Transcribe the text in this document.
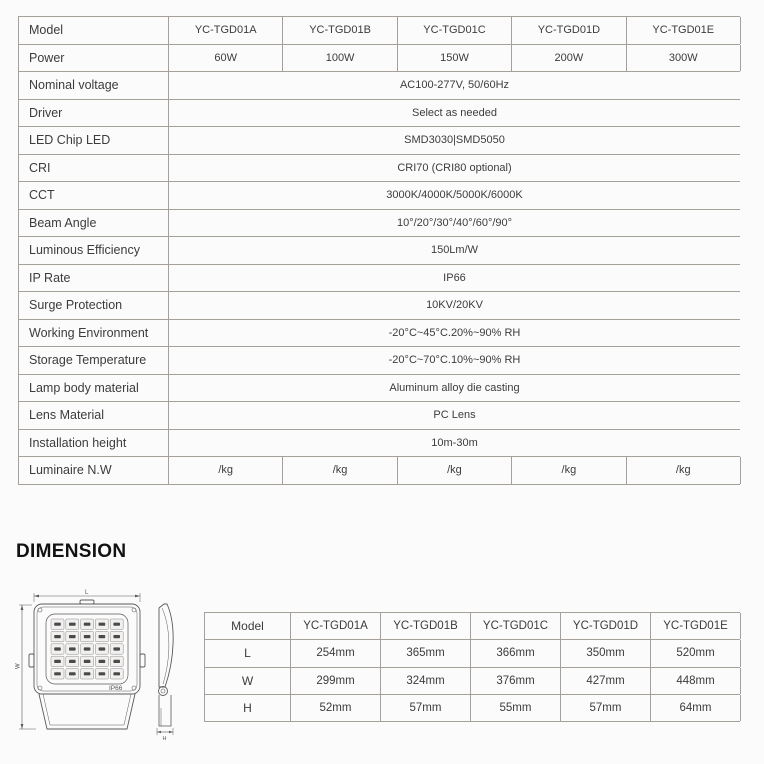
Model	YC-TGD01A	YC-TGD01B	YC-TGD01C	YC-TGD01D	YC-TGD01E
Power	60W	100W	150W	200W	300W
Nominal voltage	AC100-277V, 50/60Hz
Driver	Select as needed
LED Chip LED	SMD3030|SMD5050
CRI	CRI70 (CRI80 optional)
CCT	3000K/4000K/5000K/6000K
Beam Angle	10°/20°/30°/40°/60°/90°
Luminous Efficiency	150Lm/W
IP Rate	IP66
Surge Protection	10KV/20KV
Working Environment	-20°C~45°C.20%~90% RH
Storage Temperature	-20°C~70°C.10%~90% RH
Lamp body material	Aluminum alloy die casting
Lens Material	PC Lens
Installation height	10m-30m
Luminaire N.W	/kg	/kg	/kg	/kg	/kg
DIMENSION
L
W
H
IP66
Model	YC-TGD01A	YC-TGD01B	YC-TGD01C	YC-TGD01D	YC-TGD01E
L	254mm	365mm	366mm	350mm	520mm
W	299mm	324mm	376mm	427mm	448mm
H	52mm	57mm	55mm	57mm	64mm
